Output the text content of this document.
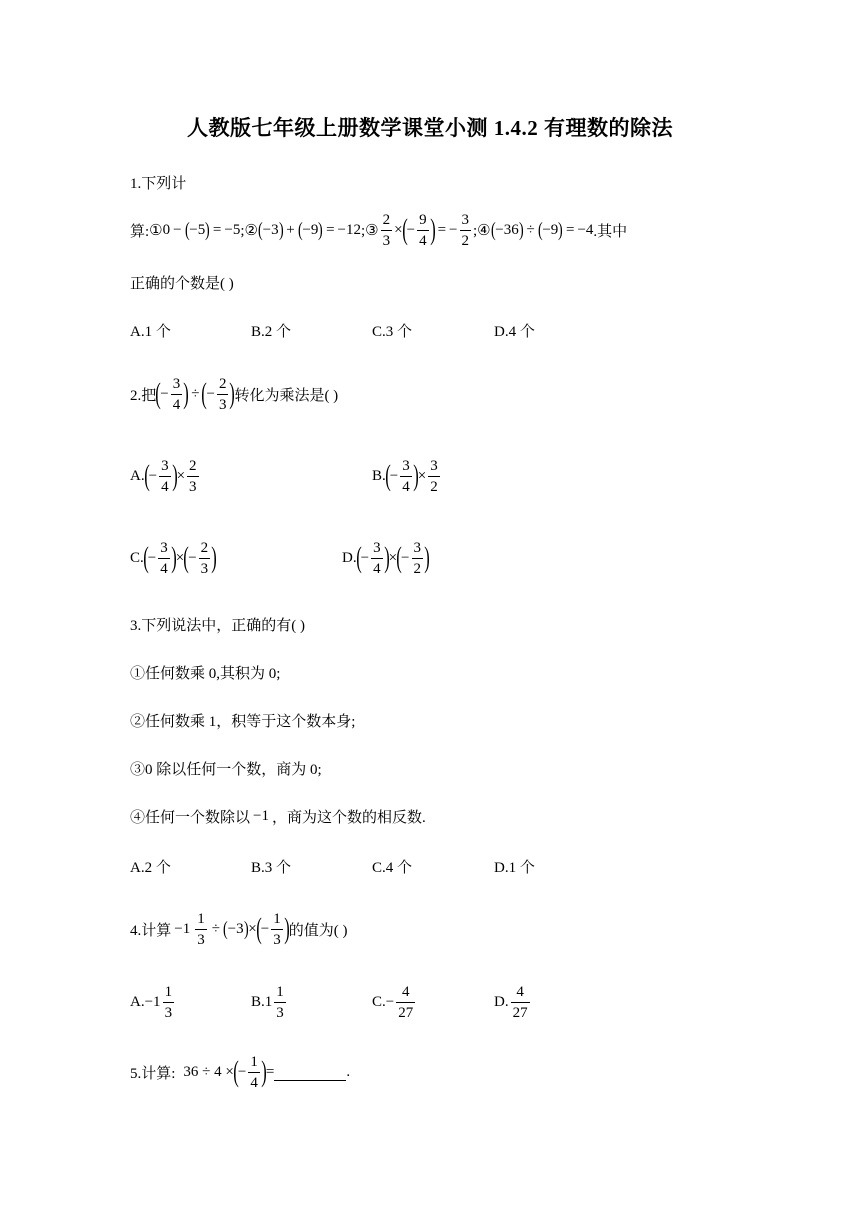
人教版七年级上册数学课堂小测 1.4.2 有理数的除法
1.下列计
算: ① 0 − ( −5 ) = −5 ;② ( −3 ) + ( −9 ) = −12 ;③ $\frac{2}{3}$ × ( − $\frac{9}{4}$ ) = − $\frac{3}{2}$ ;④ ( −36 ) ÷ ( −9 ) = −4 .其中
正确的个数是( )
A.1 个	B.2 个	C.3 个	D.4 个
2.把 ( − $\frac{3}{4}$ ) ÷ ( − $\frac{2}{3}$ ) 转化为乘法是( )
A. ( − $\frac{3}{4}$ ) × $\frac{2}{3}$	B. ( − $\frac{3}{4}$ ) × $\frac{3}{2}$
C. ( − $\frac{3}{4}$ ) × ( − $\frac{2}{3}$ )	D. ( − $\frac{3}{4}$ ) × ( − $\frac{3}{2}$ )
3.下列说法中，正确的有( )
①任何数乘 0,其积为 0;
②任何数乘 1，积等于这个数本身;
③0 除以任何一个数，商为 0;
④任何一个数除以 −1 ，商为这个数的相反数.
A.2 个	B.3 个	C.4 个	D.1 个
4.计算 $-1 \frac{1}{3}$ ÷ ( −3 ) × ( − $\frac{1}{3}$ ) 的值为( )
A. $-1 \frac{1}{3}$	B. $1 \frac{1}{3}$	C. − $\frac{4}{27}$	D. $\frac{4}{27}$
5.计算: 36 ÷ 4 × ( − $\frac{1}{4}$ ) =	.
